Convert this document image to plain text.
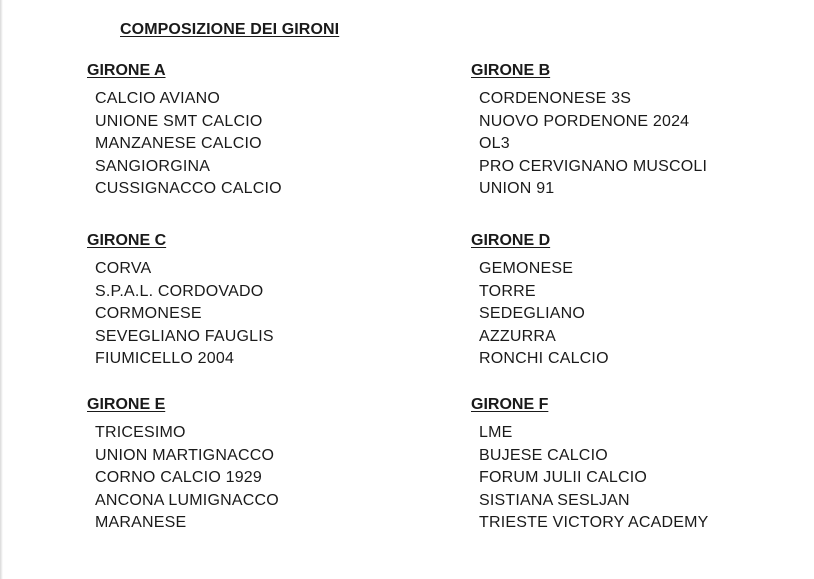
COMPOSIZIONE DEI GIRONI
GIRONE A
CALCIO AVIANO
UNIONE SMT CALCIO
MANZANESE CALCIO
SANGIORGINA
CUSSIGNACCO CALCIO
GIRONE B
CORDENONESE 3S
NUOVO PORDENONE 2024
OL3
PRO CERVIGNANO MUSCOLI
UNION 91
GIRONE C
CORVA
S.P.A.L. CORDOVADO
CORMONESE
SEVEGLIANO FAUGLIS
FIUMICELLO 2004
GIRONE D
GEMONESE
TORRE
SEDEGLIANO
AZZURRA
RONCHI CALCIO
GIRONE E
TRICESIMO
UNION MARTIGNACCO
CORNO CALCIO 1929
ANCONA LUMIGNACCO
MARANESE
GIRONE F
LME
BUJESE CALCIO
FORUM JULII CALCIO
SISTIANA SESLJAN
TRIESTE VICTORY ACADEMY
